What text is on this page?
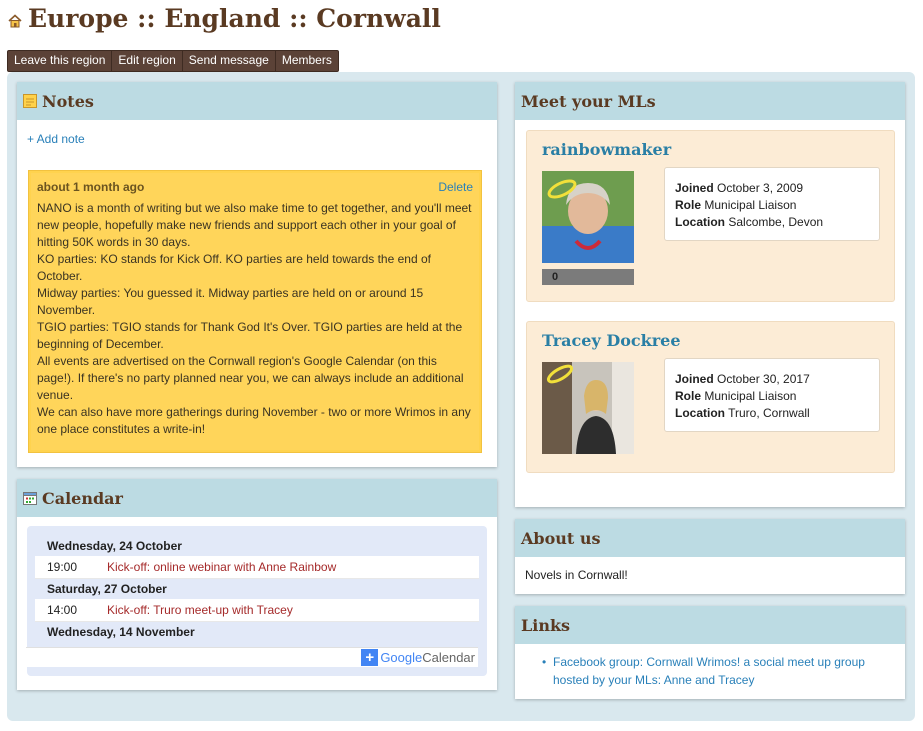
Europe :: England :: Cornwall
Leave this region	Edit region	Send message	Members
Notes
+ Add note
about 1 month ago	Delete

NANO is a month of writing but we also make time to get together, and you'll meet new people, hopefully make new friends and support each other in your goal of hitting 50K words in 30 days.

KO parties: KO stands for Kick Off. KO parties are held towards the end of October.

Midway parties: You guessed it. Midway parties are held on or around 15 November.

TGIO parties: TGIO stands for Thank God It's Over. TGIO parties are held at the beginning of December.

All events are advertised on the Cornwall region's Google Calendar (on this page!). If there's no party planned near you, we can always include an additional venue.

We can also have more gatherings during November - two or more Wrimos in any one place constitutes a write-in!

Calendar
Wednesday, 24 October
19:00	Kick-off: online webinar with Anne Rainbow
Saturday, 27 October
14:00	Kick-off: Truro meet-up with Tracey
Wednesday, 14 November
+ Google Calendar
Meet your MLs
rainbowmaker
0
Joined October 3, 2009
Role Municipal Liaison
Location Salcombe, Devon
Tracey Dockree
Joined October 30, 2017
Role Municipal Liaison
Location Truro, Cornwall
About us
Novels in Cornwall!
Links
• Facebook group: Cornwall Wrimos! a social meet up group hosted by your MLs: Anne and Tracey
